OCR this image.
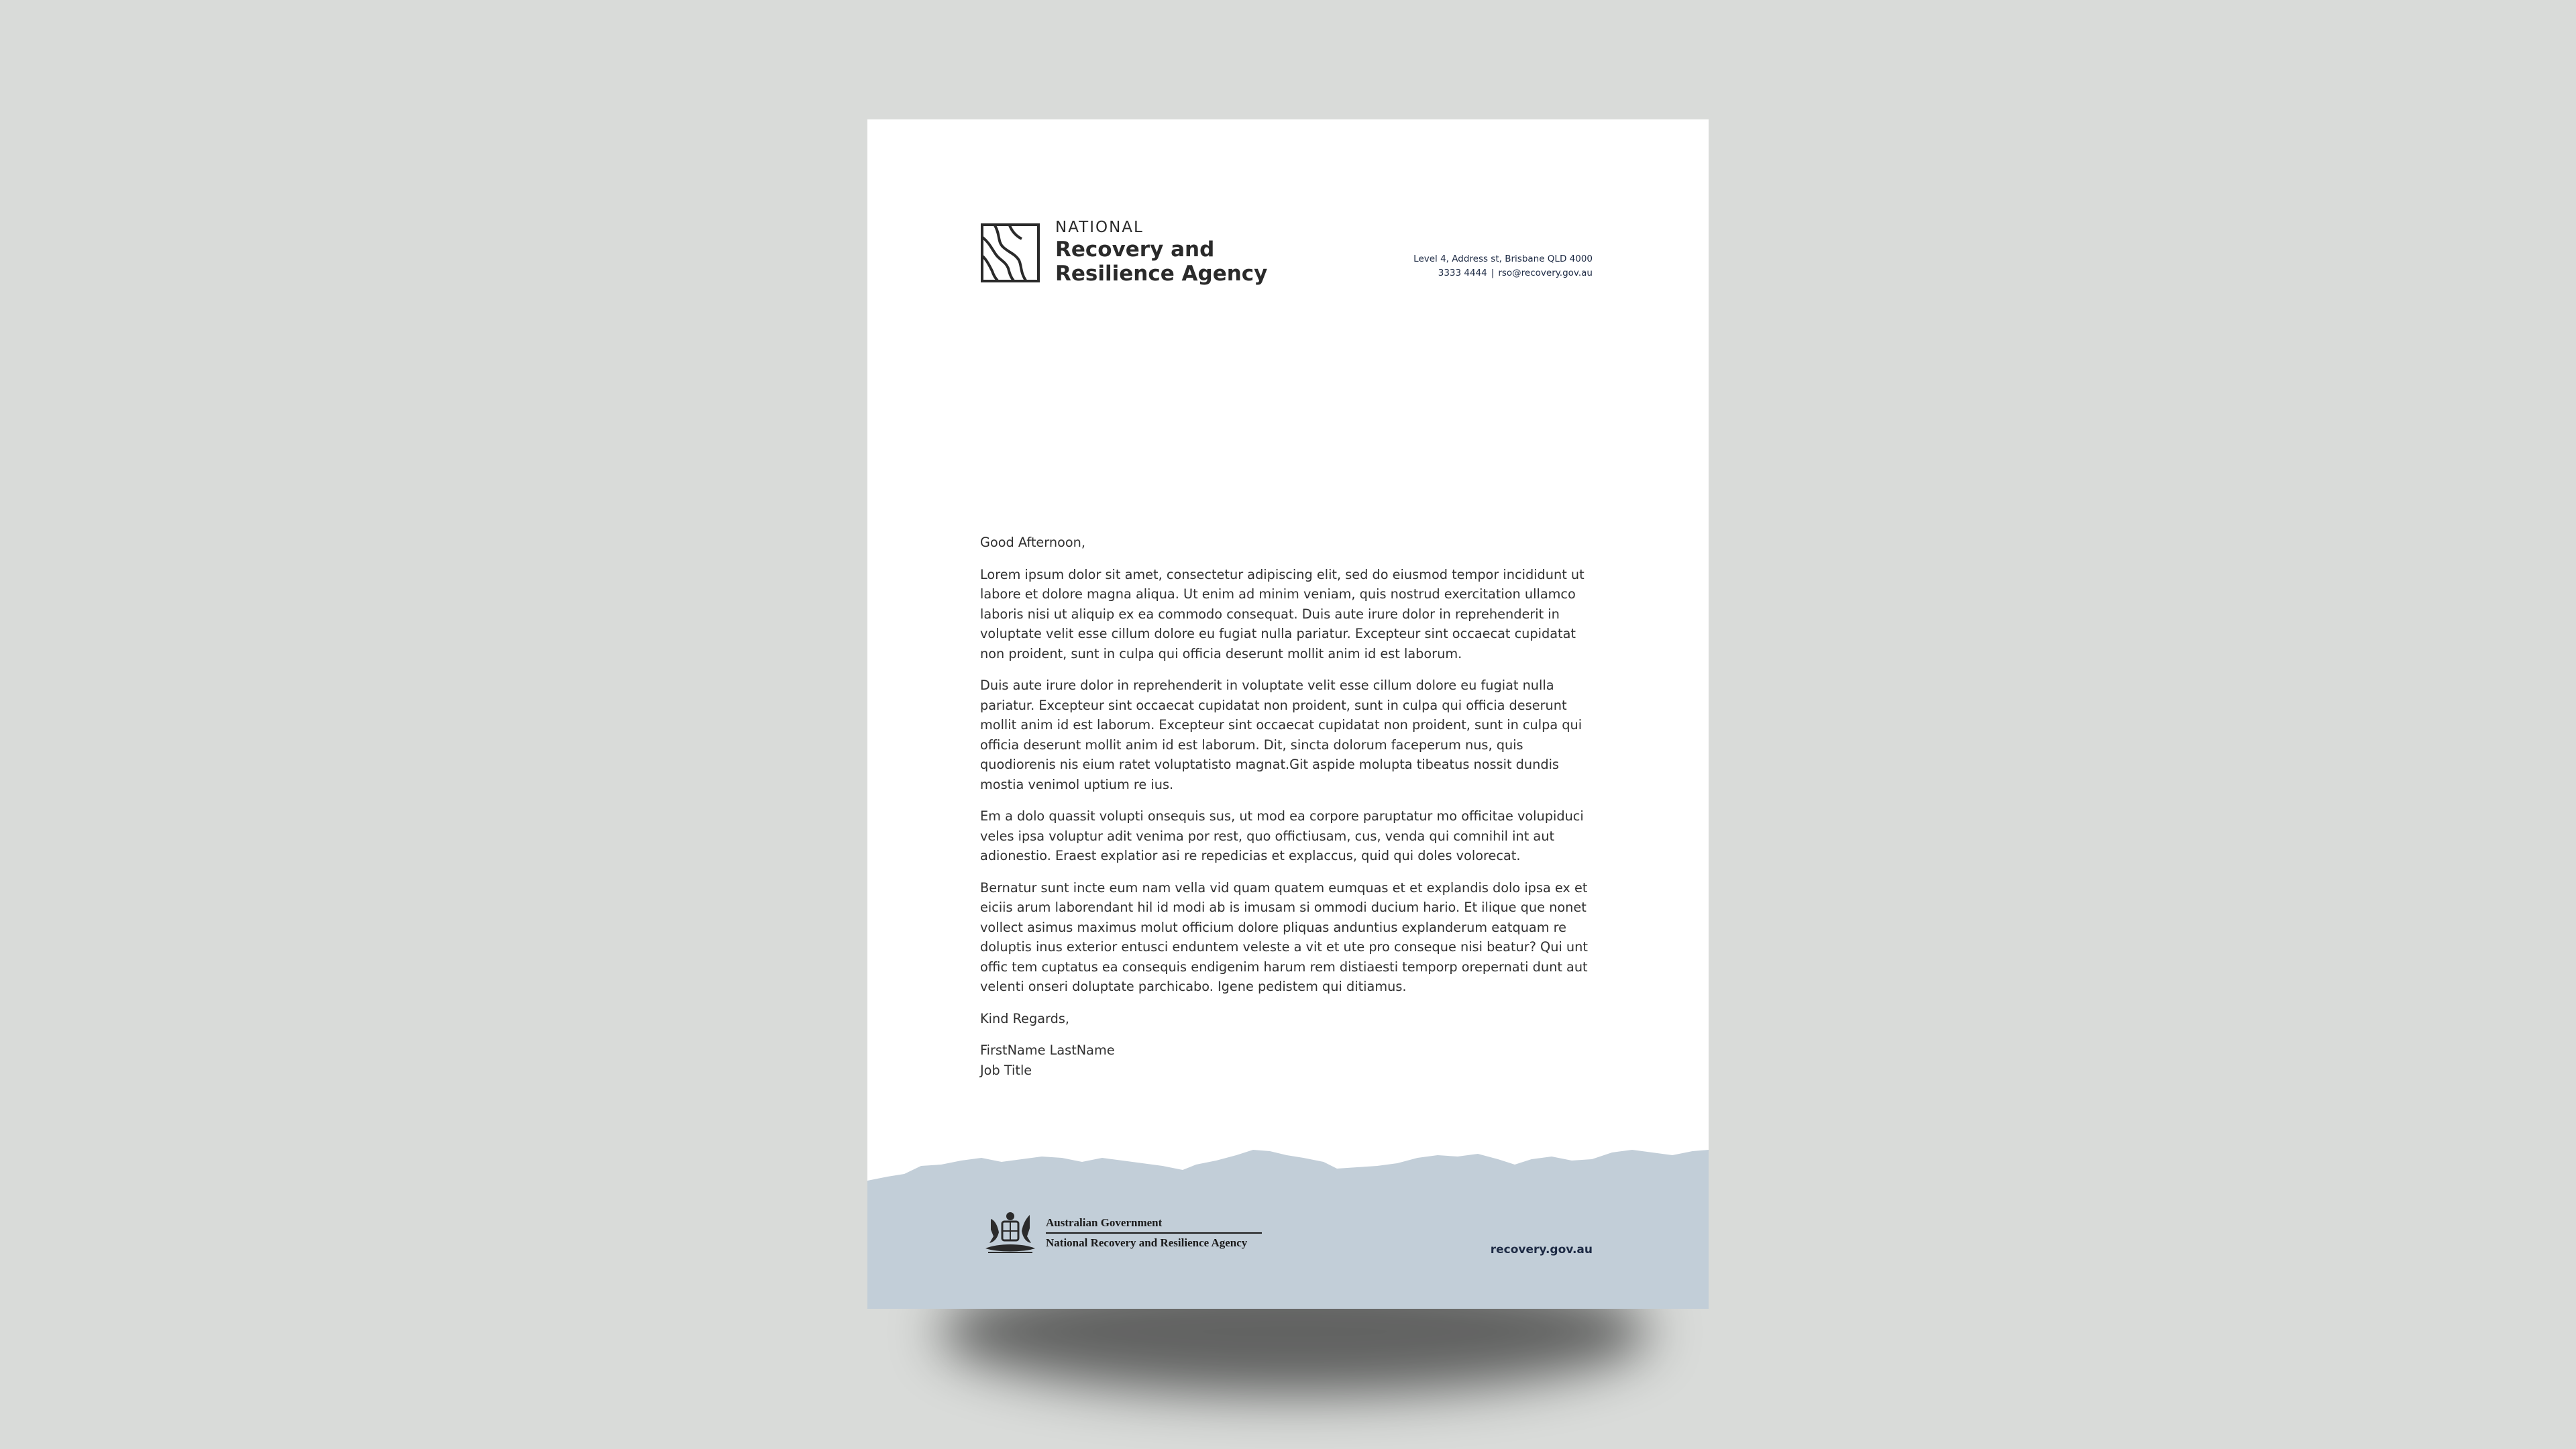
NATIONAL
Recovery and
Resilience Agency
Level 4, Address st, Brisbane QLD 4000
3333 4444 | rso@recovery.gov.au

Good Afternoon,

Lorem ipsum dolor sit amet, consectetur adipiscing elit, sed do eiusmod tempor incididunt ut labore et dolore magna aliqua. Ut enim ad minim veniam, quis nostrud exercitation ullamco laboris nisi ut aliquip ex ea commodo consequat. Duis aute irure dolor in reprehenderit in voluptate velit esse cillum dolore eu fugiat nulla pariatur. Excepteur sint occaecat cupidatat non proident, sunt in culpa qui officia deserunt mollit anim id est laborum.

Duis aute irure dolor in reprehenderit in voluptate velit esse cillum dolore eu fugiat nulla pariatur. Excepteur sint occaecat cupidatat non proident, sunt in culpa qui officia deserunt mollit anim id est laborum. Excepteur sint occaecat cupidatat non proident, sunt in culpa qui officia deserunt mollit anim id est laborum. Dit, sincta dolorum faceperum nus, quis quodiorenis nis eium ratet voluptatisto magnat.Git aspide molupta tibeatus nossit dundis mostia venimol uptium re ius.

Em a dolo quassit volupti onsequis sus, ut mod ea corpore paruptatur mo officitae volupiduci veles ipsa voluptur adit venima por rest, quo offictiusam, cus, venda qui comnihil int aut adionestio. Eraest explatior asi re repedicias et explaccus, quid qui doles volorecat.

Bernatur sunt incte eum nam vella vid quam quatem eumquas et et explandis dolo ipsa ex et eiciis arum laborendant hil id modi ab is imusam si ommodi ducium hario. Et ilique que nonet vollect asimus maximus molut officium dolore pliquas anduntius explanderum eatquam re doluptis inus exterior entusci enduntem veleste a vit et ute pro conseque nisi beatur? Qui unt offic tem cuptatus ea consequis endigenim harum rem distiaesti temporp orepernati dunt aut velenti onseri doluptate parchicabo. Igene pedistem qui ditiamus.

Kind Regards,

FirstName LastName

Job Title

Australian Government
National Recovery and Resilience Agency
recovery.gov.au
